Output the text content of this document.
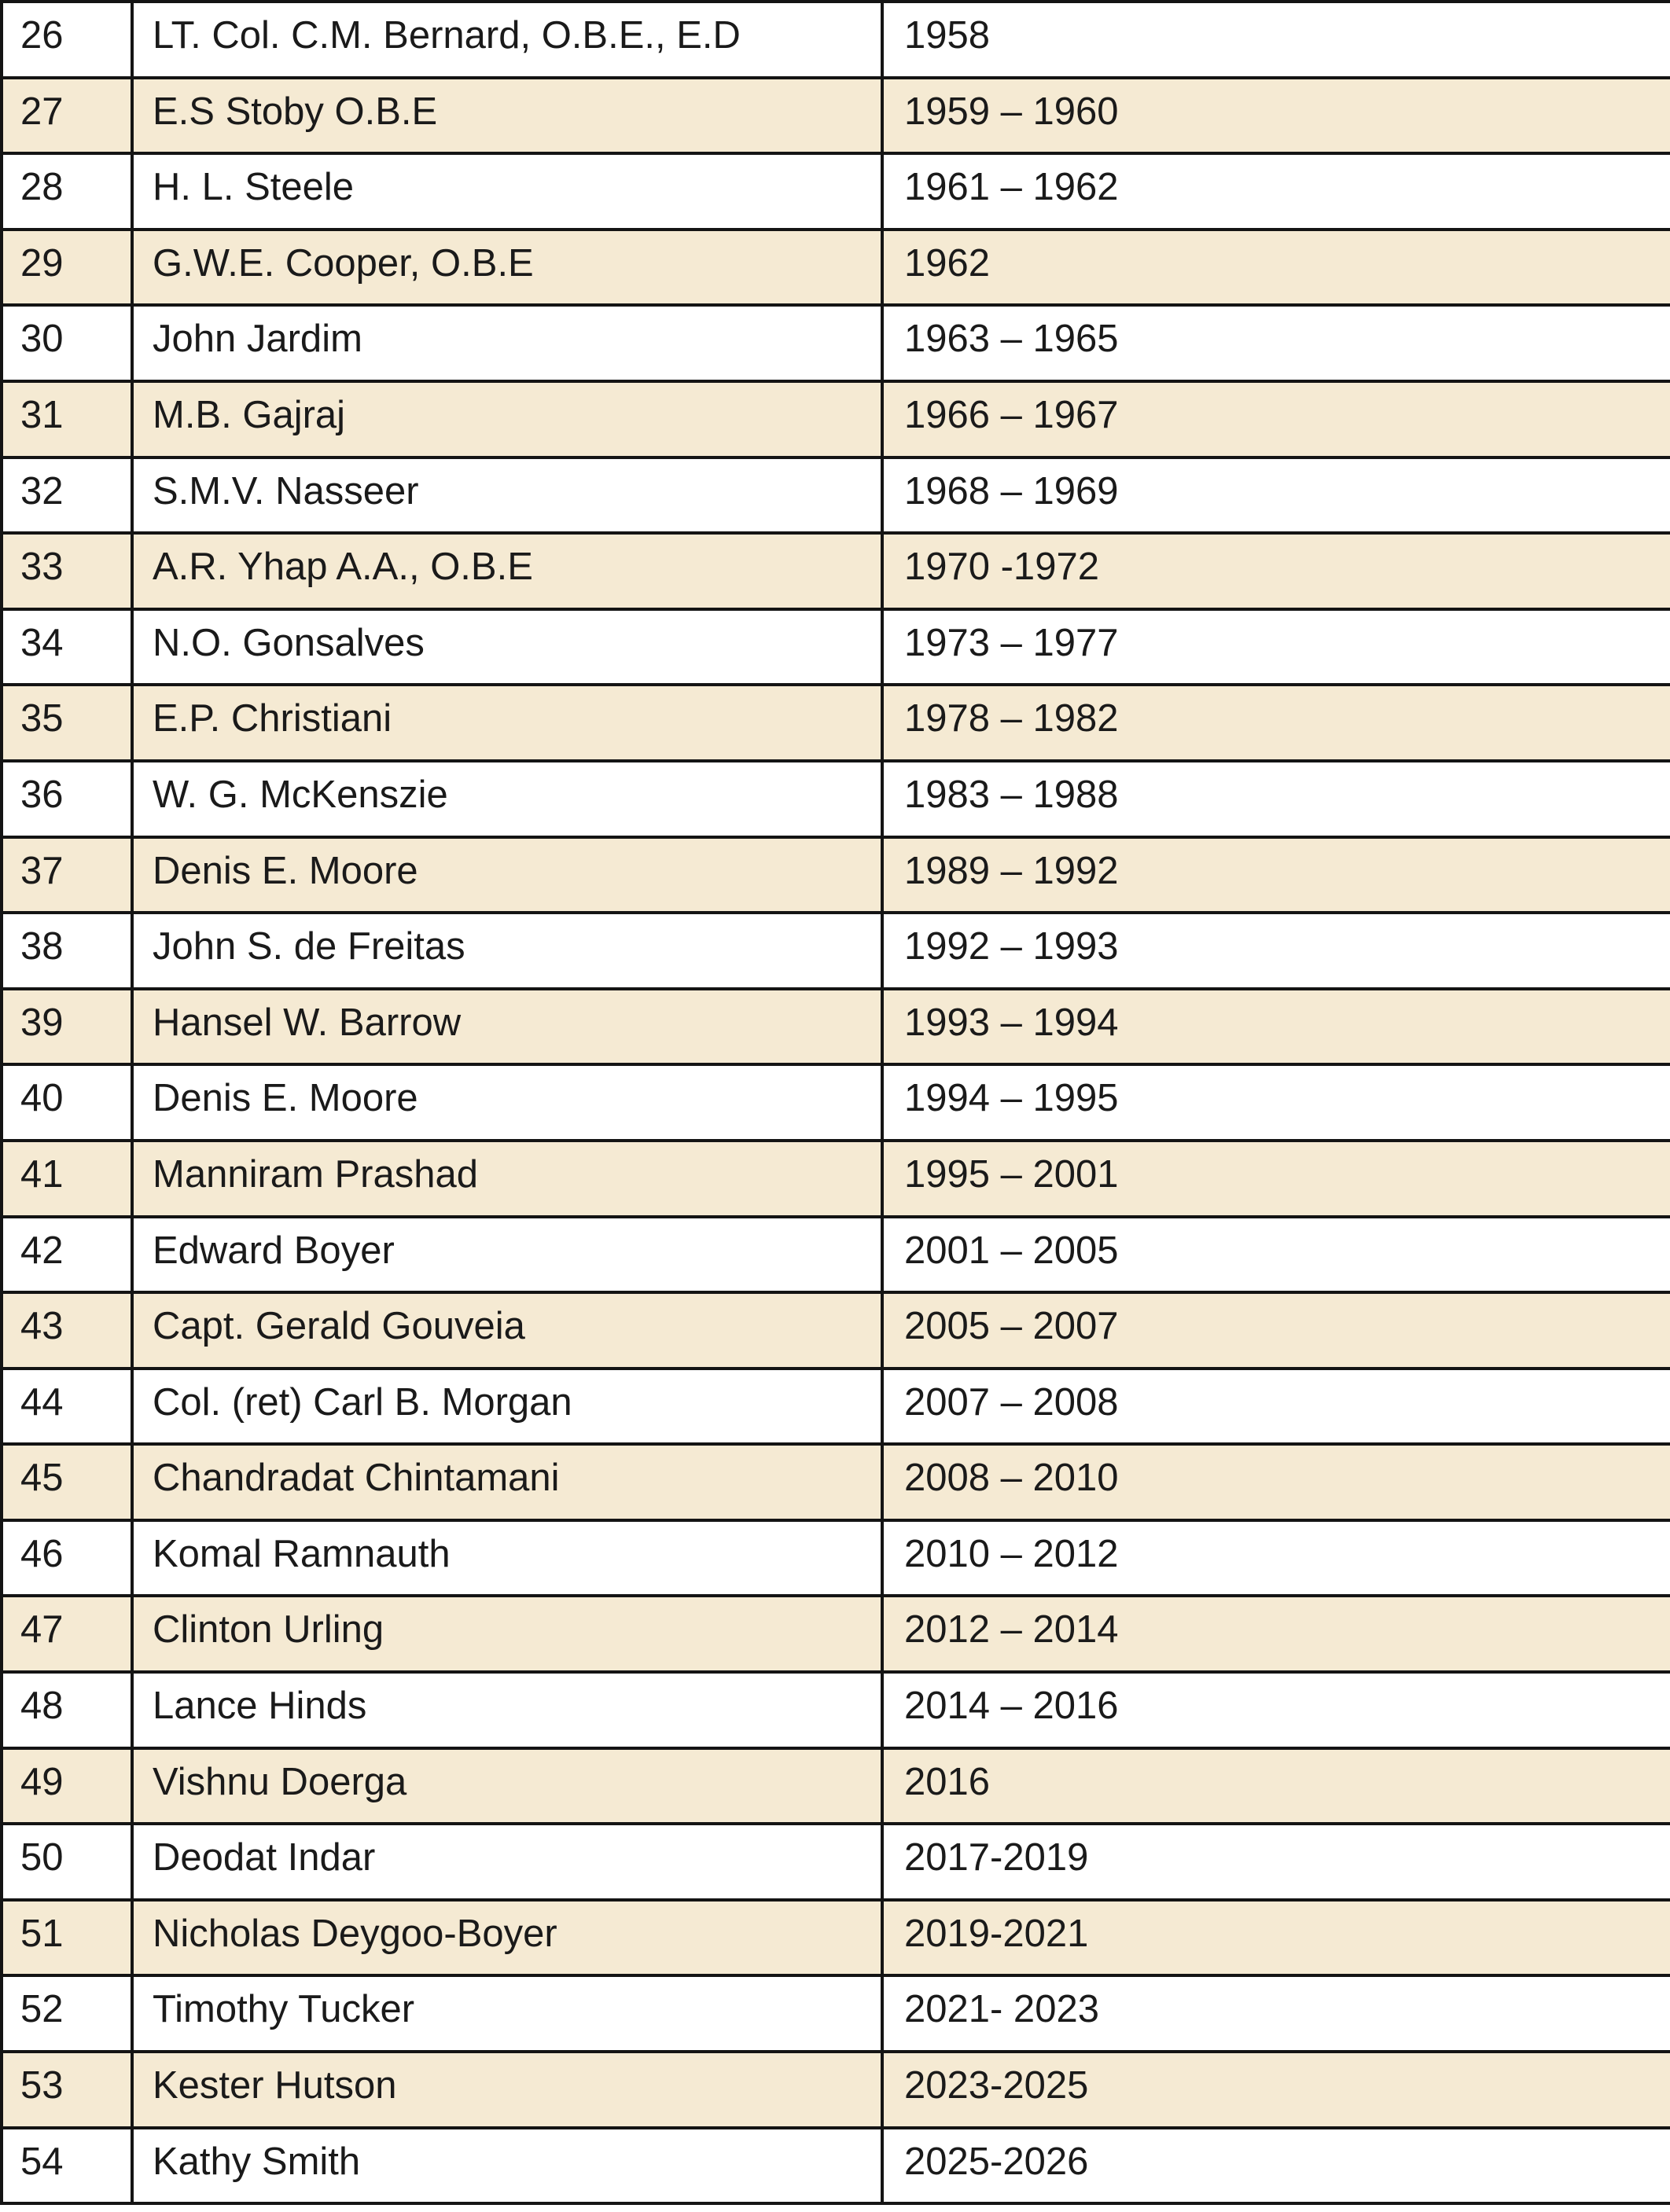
26	LT. Col. C.M. Bernard, O.B.E., E.D	1958
27	E.S Stoby O.B.E	1959 – 1960
28	H. L. Steele	1961 – 1962
29	G.W.E. Cooper, O.B.E	1962
30	John Jardim	1963 – 1965
31	M.B. Gajraj	1966 – 1967
32	S.M.V. Nasseer	1968 – 1969
33	A.R. Yhap A.A., O.B.E	1970 -1972
34	N.O. Gonsalves	1973 – 1977
35	E.P. Christiani	1978 – 1982
36	W. G. McKenszie	1983 – 1988
37	Denis E. Moore	1989 – 1992
38	John S. de Freitas	1992 – 1993
39	Hansel W. Barrow	1993 – 1994
40	Denis E. Moore	1994 – 1995
41	Manniram Prashad	1995 – 2001
42	Edward Boyer	2001 – 2005
43	Capt. Gerald Gouveia	2005 – 2007
44	Col. (ret) Carl B. Morgan	2007 – 2008
45	Chandradat Chintamani	2008 – 2010
46	Komal Ramnauth	2010 – 2012
47	Clinton Urling	2012 – 2014
48	Lance Hinds	2014 – 2016
49	Vishnu Doerga	2016
50	Deodat Indar	2017-2019
51	Nicholas Deygoo-Boyer	2019-2021
52	Timothy Tucker	2021- 2023
53	Kester Hutson	2023-2025
54	Kathy Smith	2025-2026
